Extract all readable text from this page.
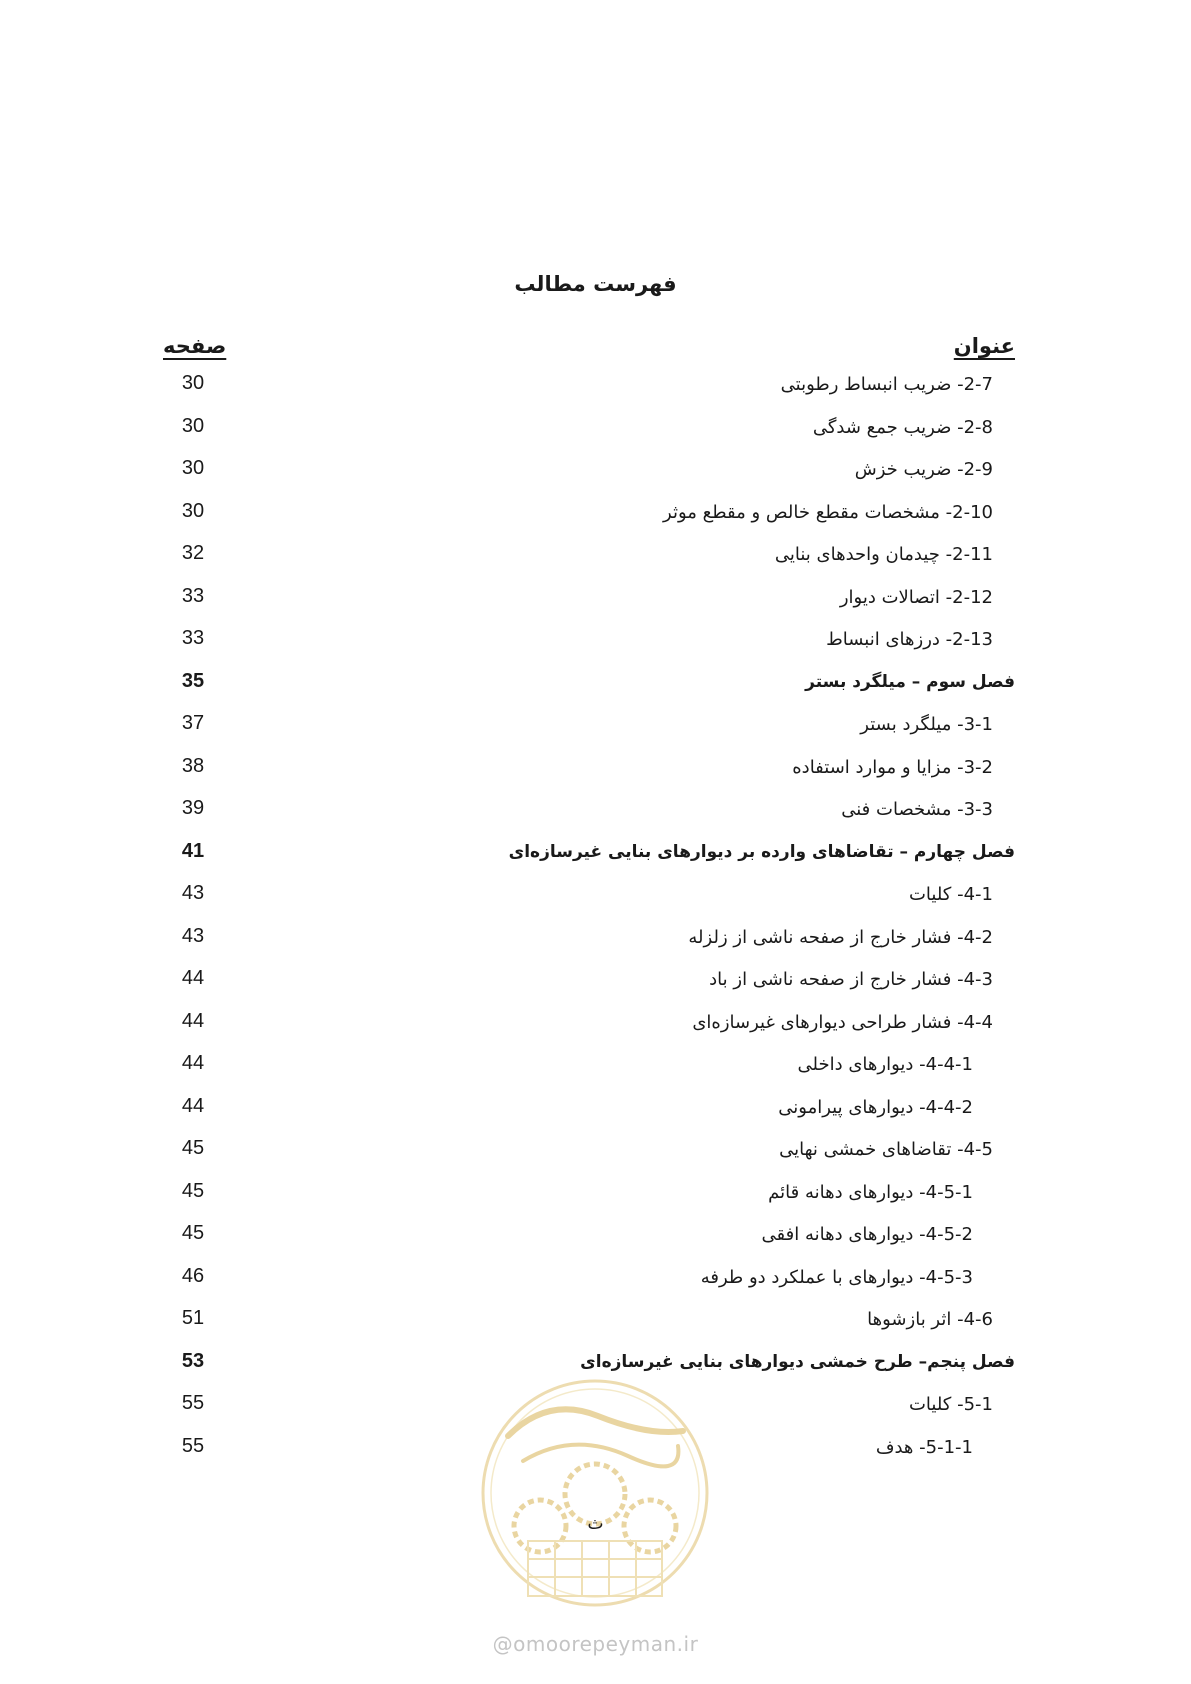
فهرست مطالب
عنوان
صفحه
2-7- ضریب انبساط رطوبتی
30
2-8- ضریب جمع شدگی
30
2-9- ضریب خزش
30
2-10- مشخصات مقطع خالص و مقطع موثر
30
2-11- چیدمان واحدهای بنایی
32
2-12- اتصالات دیوار
33
2-13- درزهای انبساط
33
فصل سوم – میلگرد بستر
35
3-1- میلگرد بستر
37
3-2- مزایا و موارد استفاده
38
3-3- مشخصات فنی
39
فصل چهارم – تقاضاهای وارده بر دیوارهای بنایی غیرسازه‌ای
41
4-1- کلیات
43
4-2- فشار خارج از صفحه ناشی از زلزله
43
4-3- فشار خارج از صفحه ناشی از باد
44
4-4- فشار طراحی دیوارهای غیرسازه‌ای
44
4-4-1- دیوارهای داخلی
44
4-4-2- دیوارهای پیرامونی
44
4-5- تقاضاهای خمشی نهایی
45
4-5-1- دیوارهای دهانه قائم
45
4-5-2- دیوارهای دهانه افقی
45
4-5-3- دیوارهای با عملکرد دو طرفه
46
4-6- اثر بازشوها
51
فصل پنجم– طرح خمشی دیوارهای بنایی غیرسازه‌ای
53
5-1- کلیات
55
5-1-1- هدف
55
ث
@omoorepeyman.ir
